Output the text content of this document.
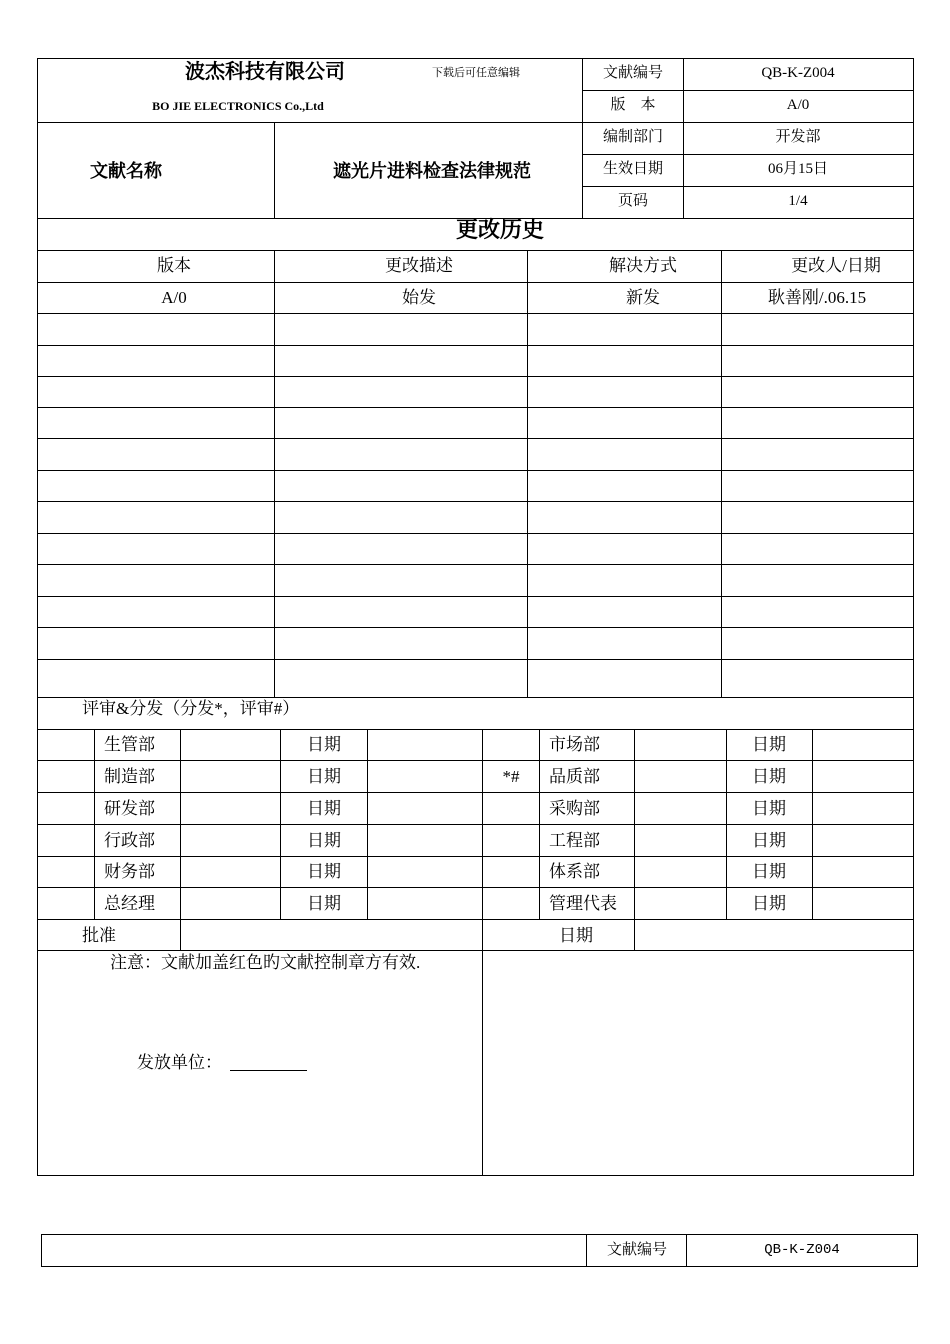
波杰科技有限公司	下载后可任意编辑
BO JIE ELECTRONICS Co.,Ltd
文献名称	遮光片进料检查法律规范
文献编号	QB-K-Z004
版　本	A/0
编制部门	开发部
生效日期	06月15日
页码	1/4
更改历史
版本	更改描述	解决方式	更改人/日期
A/0	始发	新发	耿善刚/.06.15
评审&分发（分发*，评审#）
生管部	日期	市场部	日期
制造部	日期	*# 品质部	日期
研发部	日期	采购部	日期
行政部	日期	工程部	日期
财务部	日期	体系部	日期
总经理	日期	管理代表	日期
批准	日期
注意：文献加盖红色旳文献控制章方有效.
发放单位：
文献编号	QB-K-Z004
